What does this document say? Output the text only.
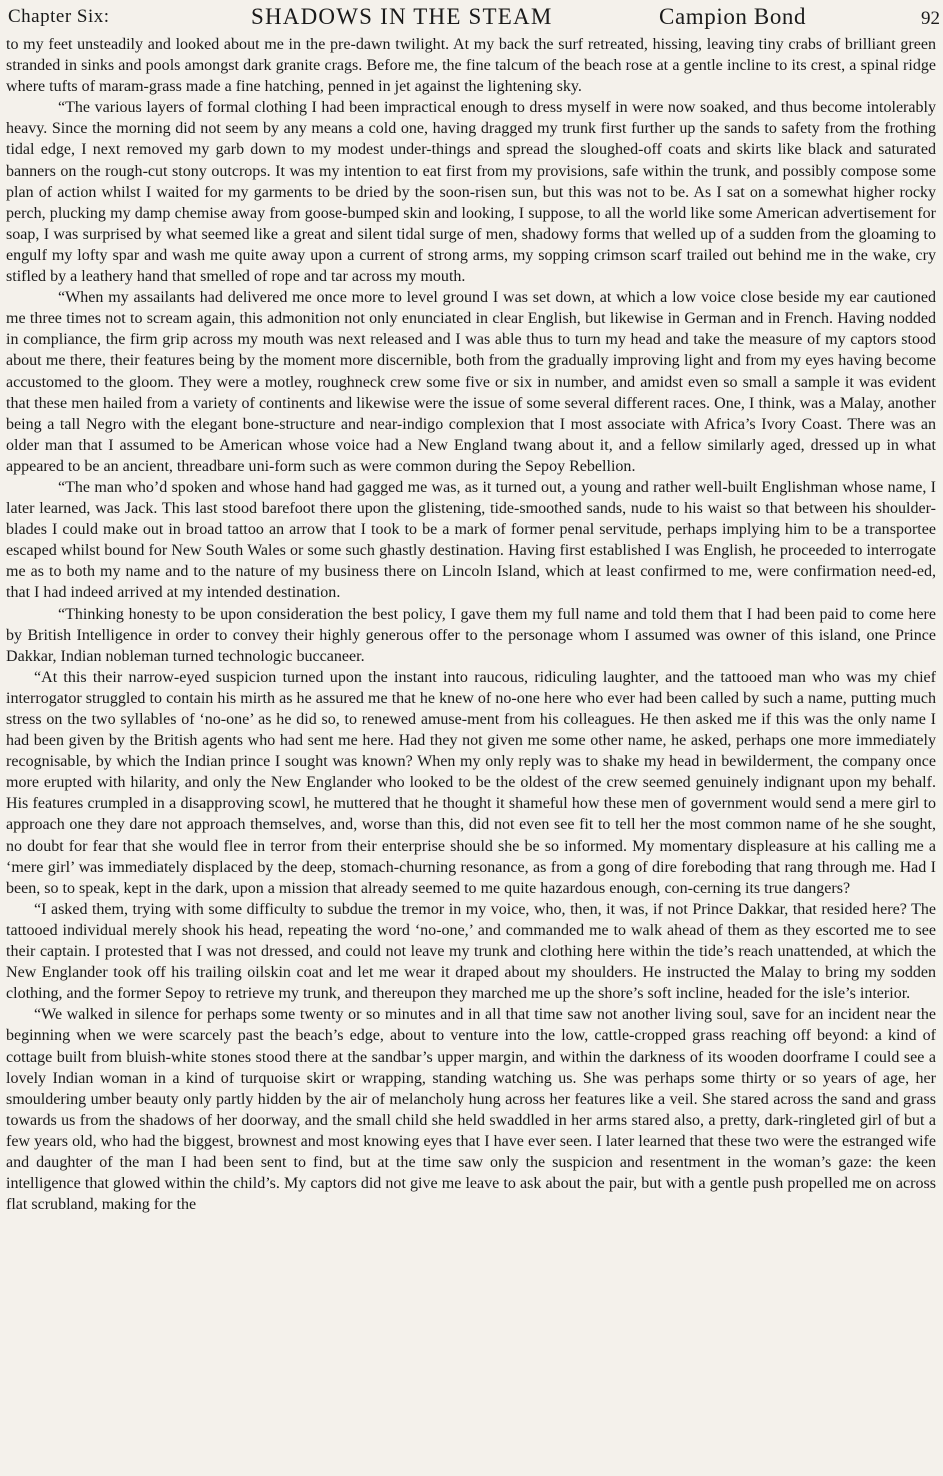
Chapter Six:	SHADOWS IN THE STEAM	Campion Bond	92

to my feet unsteadily and looked about me in the pre-dawn twilight. At my back the surf retreated, hissing, leaving tiny crabs of brilliant green stranded in sinks and pools amongst dark granite crags. Before me, the fine talcum of the beach rose at a gentle incline to its crest, a spinal ridge where tufts of maram-grass made a fine hatching, penned in jet against the lightening sky.

“The various layers of formal clothing I had been impractical enough to dress myself in were now soaked, and thus become intolerably heavy. Since the morning did not seem by any means a cold one, having dragged my trunk first further up the sands to safety from the frothing tidal edge, I next removed my garb down to my modest under-things and spread the sloughed-off coats and skirts like black and saturated banners on the rough-cut stony outcrops. It was my intention to eat first from my provisions, safe within the trunk, and possibly compose some plan of action whilst I waited for my garments to be dried by the soon-risen sun, but this was not to be. As I sat on a somewhat higher rocky perch, plucking my damp chemise away from goose-bumped skin and looking, I suppose, to all the world like some American advertisement for soap, I was surprised by what seemed like a great and silent tidal surge of men, shadowy forms that welled up of a sudden from the gloaming to engulf my lofty spar and wash me quite away upon a current of strong arms, my sopping crimson scarf trailed out behind me in the wake, cry stifled by a leathery hand that smelled of rope and tar across my mouth.

“When my assailants had delivered me once more to level ground I was set down, at which a low voice close beside my ear cautioned me three times not to scream again, this admonition not only enunciated in clear English, but likewise in German and in French. Having nodded in compliance, the firm grip across my mouth was next released and I was able thus to turn my head and take the measure of my captors stood about me there, their features being by the moment more discernible, both from the gradually improving light and from my eyes having become accustomed to the gloom. They were a motley, roughneck crew some five or six in number, and amidst even so small a sample it was evident that these men hailed from a variety of continents and likewise were the issue of some several different races. One, I think, was a Malay, another being a tall Negro with the elegant bone-structure and near-indigo complexion that I most associate with Africa’s Ivory Coast. There was an older man that I assumed to be American whose voice had a New England twang about it, and a fellow similarly aged, dressed up in what appeared to be an ancient, threadbare uni-form such as were common during the Sepoy Rebellion.

“The man who’d spoken and whose hand had gagged me was, as it turned out, a young and rather well-built Englishman whose name, I later learned, was Jack. This last stood barefoot there upon the glistening, tide-smoothed sands, nude to his waist so that between his shoulder-blades I could make out in broad tattoo an arrow that I took to be a mark of former penal servitude, perhaps implying him to be a transportee escaped whilst bound for New South Wales or some such ghastly destination. Having first established I was English, he proceeded to interrogate me as to both my name and to the nature of my business there on Lincoln Island, which at least confirmed to me, were confirmation need-ed, that I had indeed arrived at my intended destination.

“Thinking honesty to be upon consideration the best policy, I gave them my full name and told them that I had been paid to come here by British Intelligence in order to convey their highly generous offer to the personage whom I assumed was owner of this island, one Prince Dakkar, Indian nobleman turned technologic buccaneer.

“At this their narrow-eyed suspicion turned upon the instant into raucous, ridiculing laughter, and the tattooed man who was my chief interrogator struggled to contain his mirth as he assured me that he knew of no-one here who ever had been called by such a name, putting much stress on the two syllables of ‘no-one’ as he did so, to renewed amuse-ment from his colleagues. He then asked me if this was the only name I had been given by the British agents who had sent me here. Had they not given me some other name, he asked, perhaps one more immediately recognisable, by which the Indian prince I sought was known? When my only reply was to shake my head in bewilderment, the company once more erupted with hilarity, and only the New Englander who looked to be the oldest of the crew seemed genuinely indignant upon my behalf. His features crumpled in a disapproving scowl, he muttered that he thought it shameful how these men of government would send a mere girl to approach one they dare not approach themselves, and, worse than this, did not even see fit to tell her the most common name of he she sought, no doubt for fear that she would flee in terror from their enterprise should she be so informed. My momentary displeasure at his calling me a ‘mere girl’ was immediately displaced by the deep, stomach-churning resonance, as from a gong of dire foreboding that rang through me. Had I been, so to speak, kept in the dark, upon a mission that already seemed to me quite hazardous enough, con-cerning its true dangers?

“I asked them, trying with some difficulty to subdue the tremor in my voice, who, then, it was, if not Prince Dakkar, that resided here? The tattooed individual merely shook his head, repeating the word ‘no-one,’ and commanded me to walk ahead of them as they escorted me to see their captain. I protested that I was not dressed, and could not leave my trunk and clothing here within the tide’s reach unattended, at which the New Englander took off his trailing oilskin coat and let me wear it draped about my shoulders. He instructed the Malay to bring my sodden clothing, and the former Sepoy to retrieve my trunk, and thereupon they marched me up the shore’s soft incline, headed for the isle’s interior.

“We walked in silence for perhaps some twenty or so minutes and in all that time saw not another living soul, save for an incident near the beginning when we were scarcely past the beach’s edge, about to venture into the low, cattle-cropped grass reaching off beyond: a kind of cottage built from bluish-white stones stood there at the sandbar’s upper margin, and within the darkness of its wooden doorframe I could see a lovely Indian woman in a kind of turquoise skirt or wrapping, standing watching us. She was perhaps some thirty or so years of age, her smouldering umber beauty only partly hidden by the air of melancholy hung across her features like a veil. She stared across the sand and grass towards us from the shadows of her doorway, and the small child she held swaddled in her arms stared also, a pretty, dark-ringleted girl of but a few years old, who had the biggest, brownest and most knowing eyes that I have ever seen. I later learned that these two were the estranged wife and daughter of the man I had been sent to find, but at the time saw only the suspicion and resentment in the woman’s gaze: the keen intelligence that glowed within the child’s. My captors did not give me leave to ask about the pair, but with a gentle push propelled me on across flat scrubland, making for the
